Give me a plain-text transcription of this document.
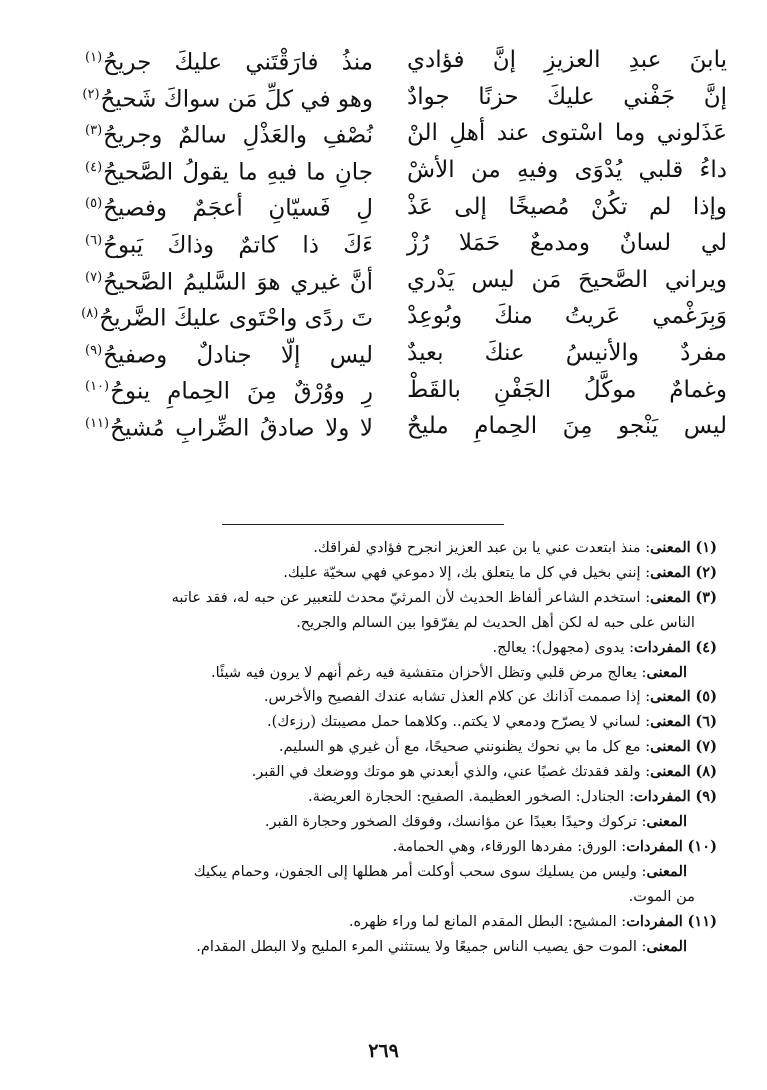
يابنَ عبدِ العزيزِ إنَّ فؤادي
منذُ فارَقْتَني عليكَ جريحُ$^{(١)}$
إنَّ جَفْني عليكَ حزنًا جوادٌ
وهو في كلِّ مَن سواكَ شَحيحُ$^{(٢)}$
عَذَلوني وما اسْتوى عند أهلِ النْ
نُصْفِ والعَذْلِ سالمٌ وجريحُ$^{(٣)}$
داءُ قلبي يُدْوَى وفيهِ من الأشْ
جانِ ما فيهِ ما يقولُ الصَّحيحُ$^{(٤)}$
وإذا لم تكُنْ مُصيخًا إلى عَذْ
لِ فَسيّانِ أعجَمٌ وفصيحُ$^{(٥)}$
لي لسانٌ ومدمعٌ حَمَلا رُزْ
ءَكَ ذا كاتمٌ وذاكَ يَبوحُ$^{(٦)}$
ويراني الصَّحيحَ مَن ليس يَدْري
أنَّ غيري هوَ السَّليمُ الصَّحيحُ$^{(٧)}$
وَبِرَغْمي عَريتُ منكَ وبُوعِدْ
تَ ردًى واحْتَوى عليكَ الضَّريحُ$^{(٨)}$
مفردٌ والأنيسُ عنكَ بعيدٌ
ليس إلّا جنادلٌ وصفيحُ$^{(٩)}$
وغمامٌ موكَّلُ الجَفْنِ بالقَطْ
رِ ووُرْقٌ مِنَ الحِمامِ ينوحُ$^{(١٠)}$
ليس يَنْجو مِنَ الحِمامِ مليحٌ
لا ولا صادقُ الضِّرابِ مُشيحُ$^{(١١)}$
(١) المعنى: منذ ابتعدت عني يا بن عبد العزيز انجرح فؤادي لفراقك.
(٢) المعنى: إنني بخيل في كل ما يتعلق بك، إلا دموعي فهي سخيّة عليك.
(٣) المعنى: استخدم الشاعر ألفاظ الحديث لأن المرثيّ محدث للتعبير عن حبه له، فقد عاتبه
الناس على حبه له لكن أهل الحديث لم يفرّقوا بين السالم والجريح.
(٤) المفردات: يدوى (مجهول): يعالج.
المعنى: يعالج مرض قلبي وتظل الأحزان متفشية فيه رغم أنهم لا يرون فيه شيئًا.
(٥) المعنى: إذا صممت آذانك عن كلام العذل تشابه عندك الفصيح والأخرس.
(٦) المعنى: لساني لا يصرّح ودمعي لا يكتم.. وكلاهما حمل مصيبتك (رزءك).
(٧) المعنى: مع كل ما بي نحوك يظنونني صحيحًا، مع أن غيري هو السليم.
(٨) المعنى: ولقد فقدتك غصبًا عني، والذي أبعدني هو موتك ووضعك في القبر.
(٩) المفردات: الجنادل: الصخور العظيمة. الصفيح: الحجارة العريضة.
المعنى: تركوك وحيدًا بعيدًا عن مؤانسك، وفوقك الصخور وحجارة القبر.
(١٠) المفردات: الورق: مفردها الورقاء، وهي الحمامة.
المعنى: وليس من يسليك سوى سحب أوكلت أمر هطلها إلى الجفون، وحمام يبكيك
من الموت.
(١١) المفردات: المشيح: البطل المقدم المانع لما وراء ظهره.
المعنى: الموت حق يصيب الناس جميعًا ولا يستثني المرء المليح ولا البطل المقدام.
٢٦٩
